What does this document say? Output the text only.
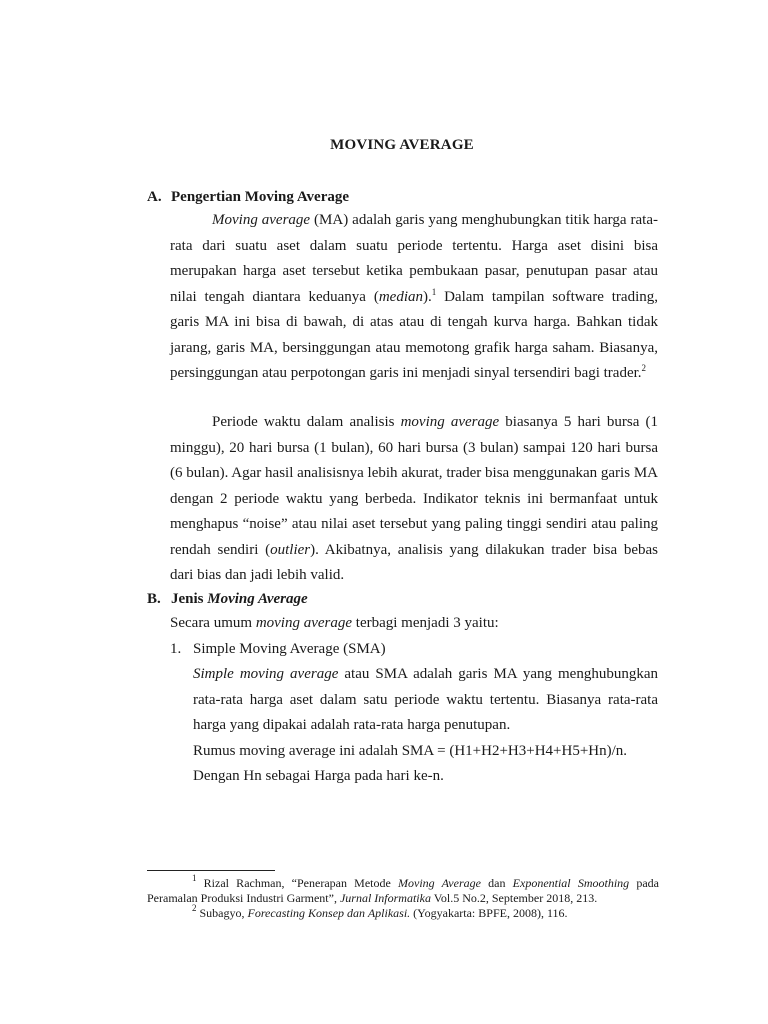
MOVING AVERAGE
A. Pengertian Moving Average
Moving average (MA) adalah garis yang menghubungkan titik harga rata-rata dari suatu aset dalam suatu periode tertentu. Harga aset disini bisa merupakan harga aset tersebut ketika pembukaan pasar, penutupan pasar atau nilai tengah diantara keduanya (median).$^1$ Dalam tampilan software trading, garis MA ini bisa di bawah, di atas atau di tengah kurva harga. Bahkan tidak jarang, garis MA, bersinggungan atau memotong grafik harga saham. Biasanya, persinggungan atau perpotongan garis ini menjadi sinyal tersendiri bagi trader.$^2$
Periode waktu dalam analisis moving average biasanya 5 hari bursa (1 minggu), 20 hari bursa (1 bulan), 60 hari bursa (3 bulan) sampai 120 hari bursa (6 bulan). Agar hasil analisisnya lebih akurat, trader bisa menggunakan garis MA dengan 2 periode waktu yang berbeda. Indikator teknis ini bermanfaat untuk menghapus “noise” atau nilai aset tersebut yang paling tinggi sendiri atau paling rendah sendiri (outlier). Akibatnya, analisis yang dilakukan trader bisa bebas dari bias dan jadi lebih valid.
B. Jenis Moving Average
Secara umum moving average terbagi menjadi 3 yaitu:
1. Simple Moving Average (SMA)
Simple moving average atau SMA adalah garis MA yang menghubungkan rata-rata harga aset dalam satu periode waktu tertentu. Biasanya rata-rata harga yang dipakai adalah rata-rata harga penutupan.
Rumus moving average ini adalah SMA = (H1+H2+H3+H4+H5+Hn)/n.
Dengan Hn sebagai Harga pada hari ke-n.
$^1$ Rizal Rachman, “Penerapan Metode Moving Average dan Exponential Smoothing pada Peramalan Produksi Industri Garment”, Jurnal Informatika Vol.5 No.2, September 2018, 213.
$^2$ Subagyo, Forecasting Konsep dan Aplikasi. (Yogyakarta: BPFE, 2008), 116.
